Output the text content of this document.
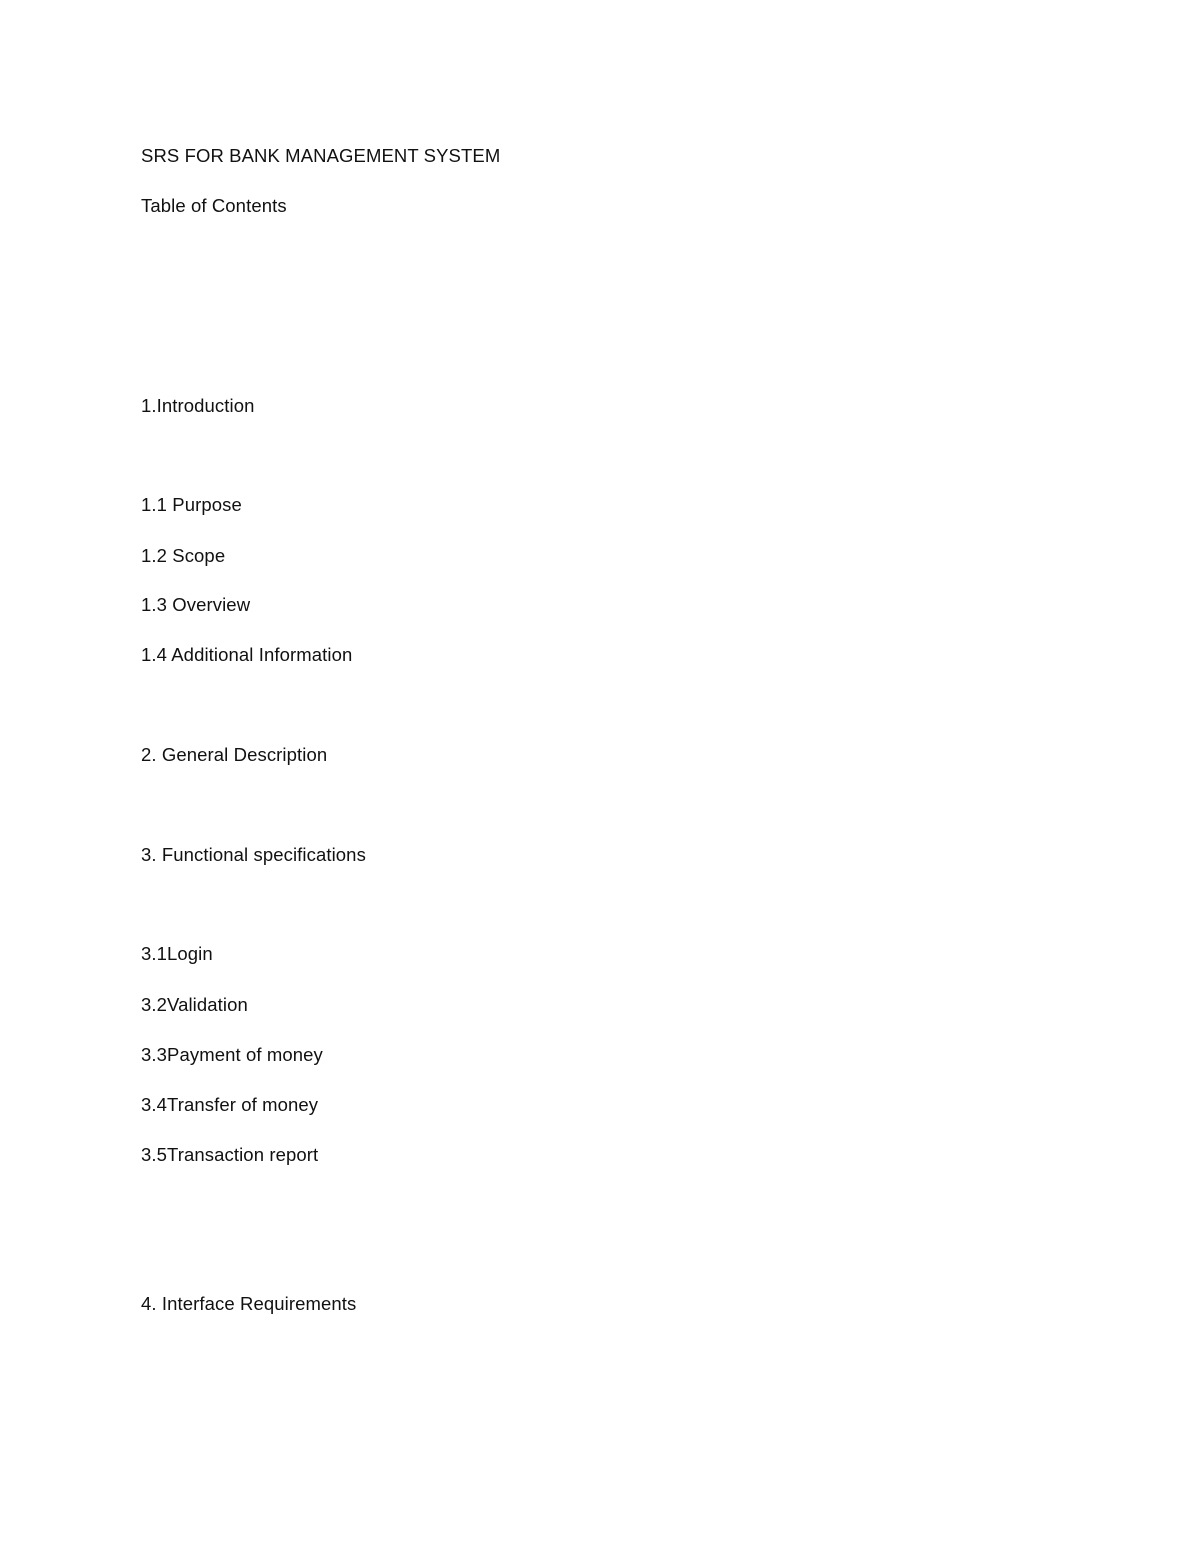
SRS FOR BANK MANAGEMENT SYSTEM
Table of Contents
1.Introduction
1.1 Purpose
1.2 Scope
1.3 Overview
1.4 Additional Information
2. General Description
3. Functional specifications
3.1Login
3.2Validation
3.3Payment of money
3.4Transfer of money
3.5Transaction report
4. Interface Requirements
